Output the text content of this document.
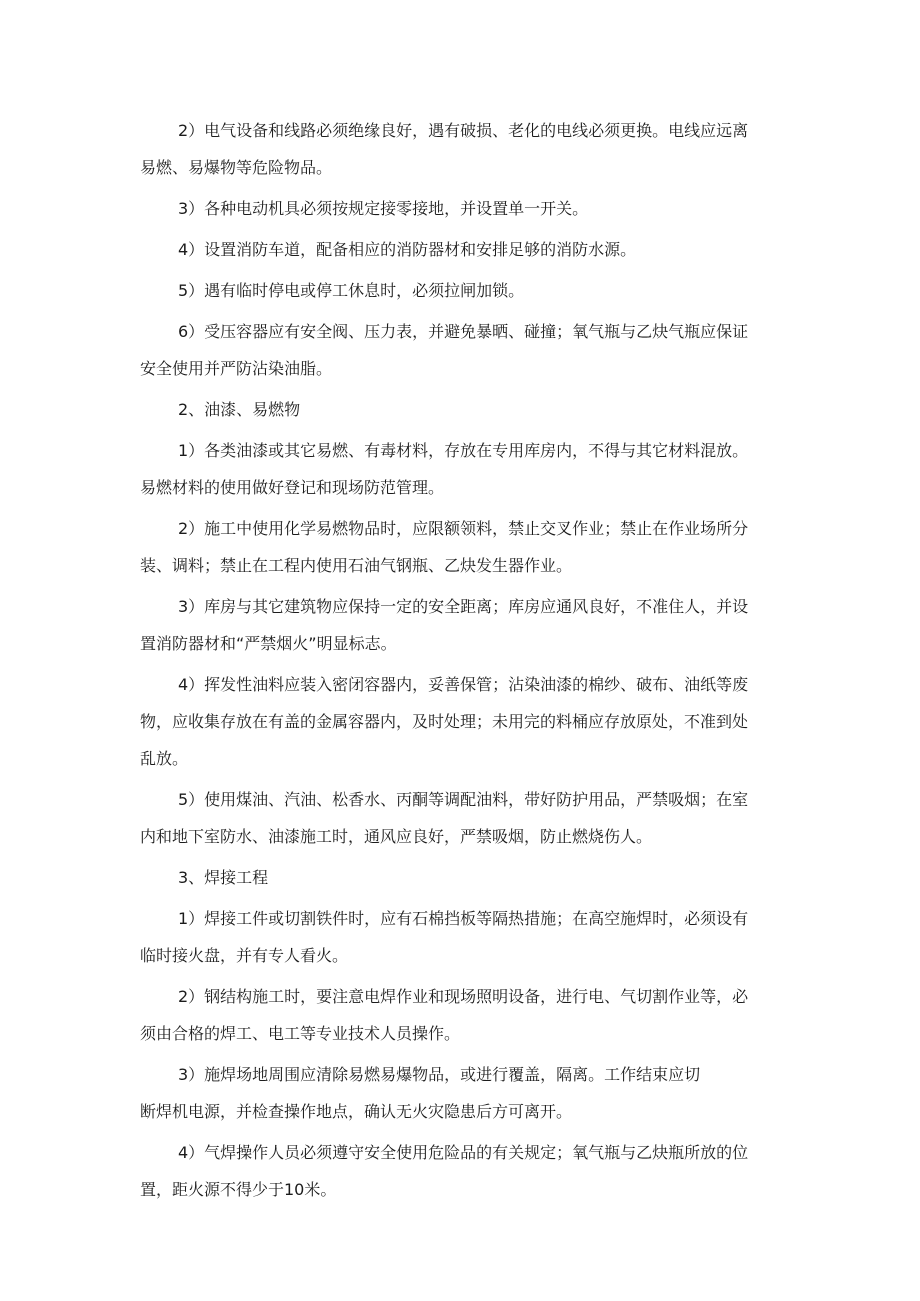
2）电气设备和线路必须绝缘良好，遇有破损、老化的电线必须更换。电线应远离
易燃、易爆物等危险物品。
3）各种电动机具必须按规定接零接地，并设置单一开关。
4）设置消防车道，配备相应的消防器材和安排足够的消防水源。
5）遇有临时停电或停工休息时，必须拉闸加锁。
6）受压容器应有安全阀、压力表，并避免暴晒、碰撞；氧气瓶与乙炔气瓶应保证
安全使用并严防沾染油脂。
2、油漆、易燃物
1）各类油漆或其它易燃、有毒材料，存放在专用库房内，不得与其它材料混放。
易燃材料的使用做好登记和现场防范管理。
2）施工中使用化学易燃物品时，应限额领料，禁止交叉作业；禁止在作业场所分
装、调料；禁止在工程内使用石油气钢瓶、乙炔发生器作业。
3）库房与其它建筑物应保持一定的安全距离；库房应通风良好，不准住人，并设
置消防器材和“严禁烟火”明显标志。
4）挥发性油料应装入密闭容器内，妥善保管；沾染油漆的棉纱、破布、油纸等废
物，应收集存放在有盖的金属容器内，及时处理；未用完的料桶应存放原处，不准到处
乱放。
5）使用煤油、汽油、松香水、丙酮等调配油料，带好防护用品，严禁吸烟；在室
内和地下室防水、油漆施工时，通风应良好，严禁吸烟，防止燃烧伤人。
3、焊接工程
1）焊接工件或切割铁件时，应有石棉挡板等隔热措施；在高空施焊时，必须设有
临时接火盘，并有专人看火。
2）钢结构施工时，要注意电焊作业和现场照明设备，进行电、气切割作业等，必
须由合格的焊工、电工等专业技术人员操作。
3）施焊场地周围应清除易燃易爆物品，或进行覆盖，隔离。工作结束应切
断焊机电源，并检查操作地点，确认无火灾隐患后方可离开。
4）气焊操作人员必须遵守安全使用危险品的有关规定；氧气瓶与乙炔瓶所放的位
置，距火源不得少于10米。
